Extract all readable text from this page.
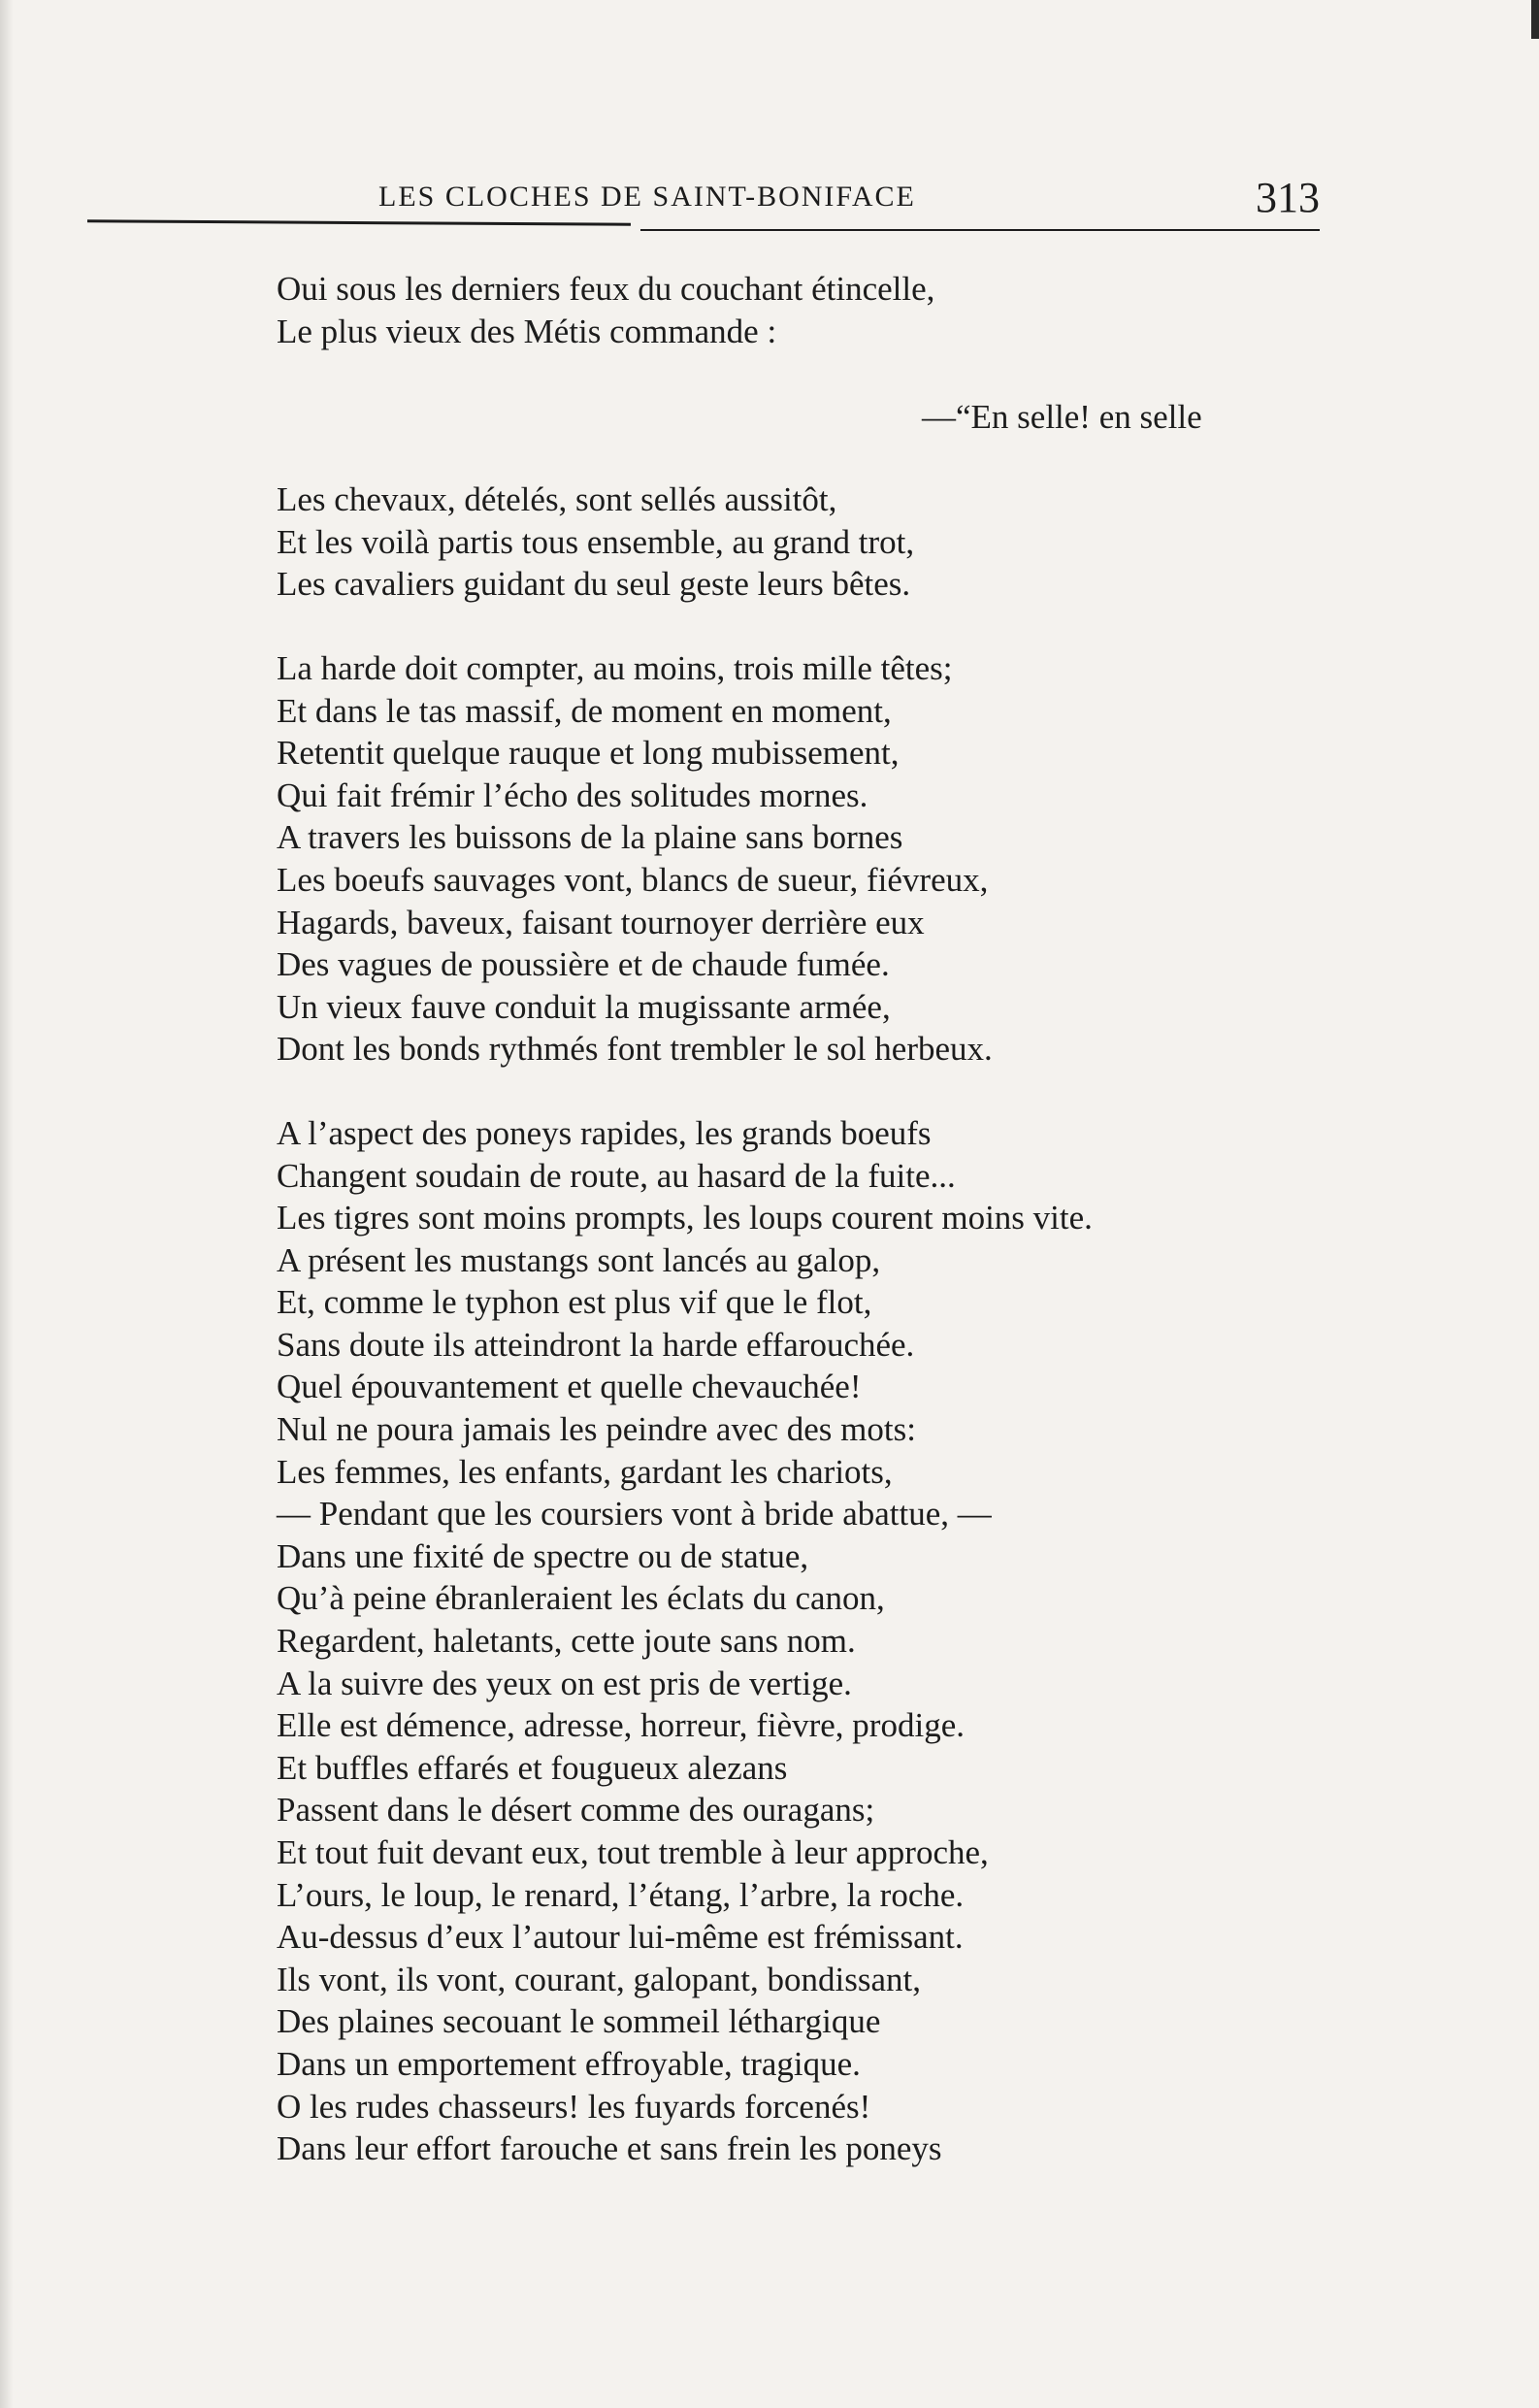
LES CLOCHES DE SAINT-BONIFACE	313

Oui sous les derniers feux du couchant étincelle,
Le plus vieux des Métis commande :

Les chevaux, dételés, sont sellés aussitôt,
Et les voilà partis tous ensemble, au grand trot,
Les cavaliers guidant du seul geste leurs bêtes.

La harde doit compter, au moins, trois mille têtes;
Et dans le tas massif, de moment en moment,
Retentit quelque rauque et long mubissement,
Qui fait frémir l’écho des solitudes mornes.
A travers les buissons de la plaine sans bornes
Les boeufs sauvages vont, blancs de sueur, fiévreux,
Hagards, baveux, faisant tournoyer derrière eux
Des vagues de poussière et de chaude fumée.
Un vieux fauve conduit la mugissante armée,
Dont les bonds rythmés font trembler le sol herbeux.

A l’aspect des poneys rapides, les grands boeufs
Changent soudain de route, au hasard de la fuite...
Les tigres sont moins prompts, les loups courent moins vite.
A présent les mustangs sont lancés au galop,
Et, comme le typhon est plus vif que le flot,
Sans doute ils atteindront la harde effarouchée.
Quel épouvantement et quelle chevauchée!
Nul ne poura jamais les peindre avec des mots:
Les femmes, les enfants, gardant les chariots,
— Pendant que les coursiers vont à bride abattue, —
Dans une fixité de spectre ou de statue,
Qu’à peine ébranleraient les éclats du canon,
Regardent, haletants, cette joute sans nom.
A la suivre des yeux on est pris de vertige.
Elle est démence, adresse, horreur, fièvre, prodige.
Et buffles effarés et fougueux alezans
Passent dans le désert comme des ouragans;
Et tout fuit devant eux, tout tremble à leur approche,
L’ours, le loup, le renard, l’étang, l’arbre, la roche.
Au-dessus d’eux l’autour lui-même est frémissant.
Ils vont, ils vont, courant, galopant, bondissant,
Des plaines secouant le sommeil léthargique
Dans un emportement effroyable, tragique.
O les rudes chasseurs! les fuyards forcenés!
Dans leur effort farouche et sans frein les poneys

—“En selle! en selle
